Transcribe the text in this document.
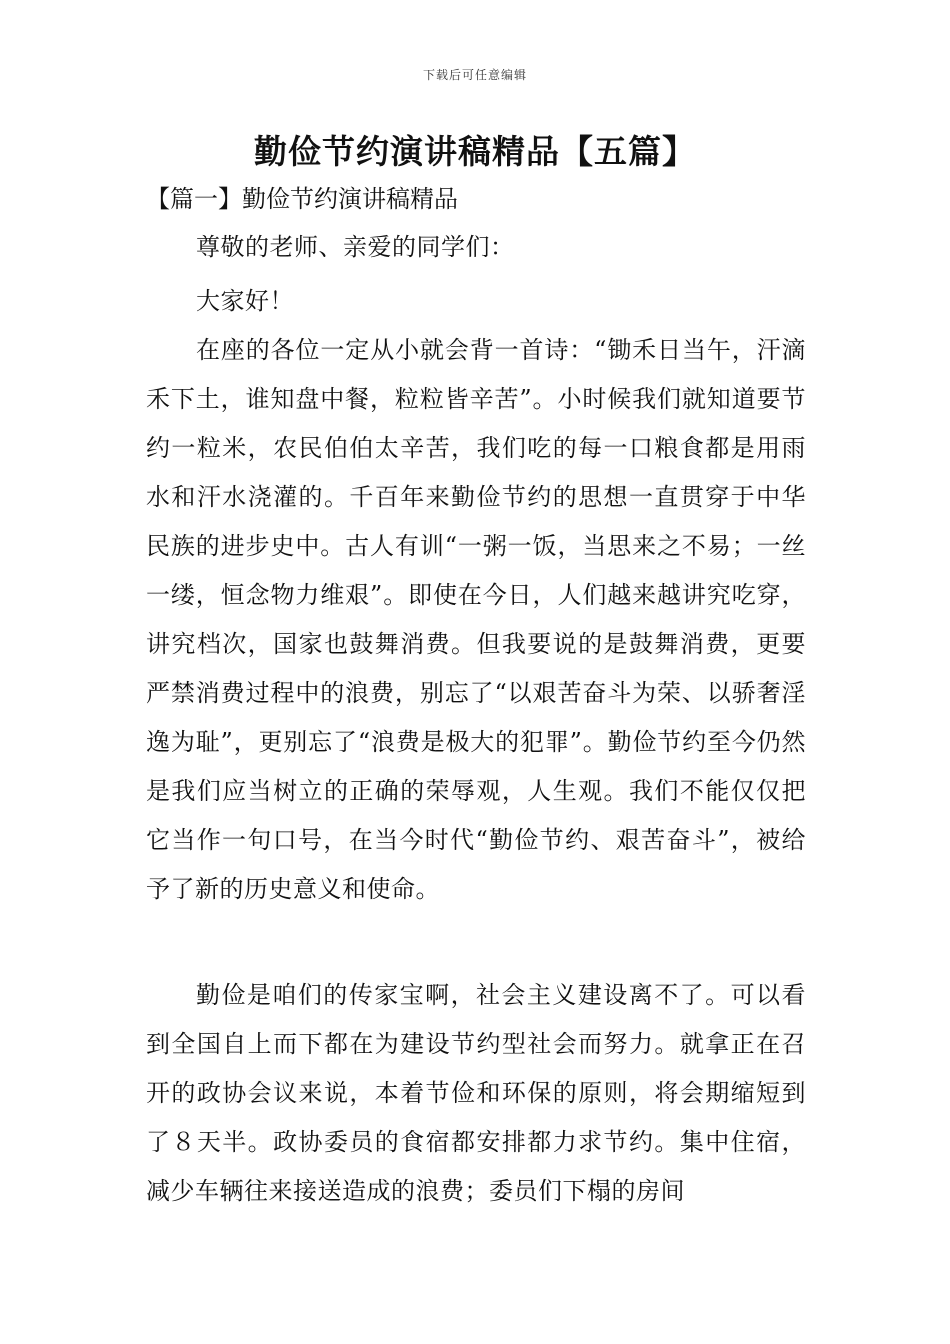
下载后可任意编辑
勤俭节约演讲稿精品【五篇】
【篇一】勤俭节约演讲稿精品

尊敬的老师、亲爱的同学们：

大家好！

在座的各位一定从小就会背一首诗：“锄禾日当午，汗滴禾下土，谁知盘中餐，粒粒皆辛苦”。小时候我们就知道要节约一粒米，农民伯伯太辛苦，我们吃的每一口粮食都是用雨水和汗水浇灌的。千百年来勤俭节约的思想一直贯穿于中华民族的进步史中。古人有训“一粥一饭，当思来之不易；一丝一缕，恒念物力维艰”。即使在今日，人们越来越讲究吃穿，讲究档次，国家也鼓舞消费。但我要说的是鼓舞消费，更要严禁消费过程中的浪费，别忘了“以艰苦奋斗为荣、以骄奢淫逸为耻”，更别忘了“浪费是极大的犯罪”。勤俭节约至今仍然是我们应当树立的正确的荣辱观，人生观。我们不能仅仅把它当作一句口号，在当今时代“勤俭节约、艰苦奋斗”，被给予了新的历史意义和使命。

勤俭是咱们的传家宝啊，社会主义建设离不了。可以看到全国自上而下都在为建设节约型社会而努力。就拿正在召开的政协会议来说，本着节俭和环保的原则，将会期缩短到了８天半。政协委员的食宿都安排都力求节约。集中住宿，减少车辆往来接送造成的浪费；委员们下榻的房间
